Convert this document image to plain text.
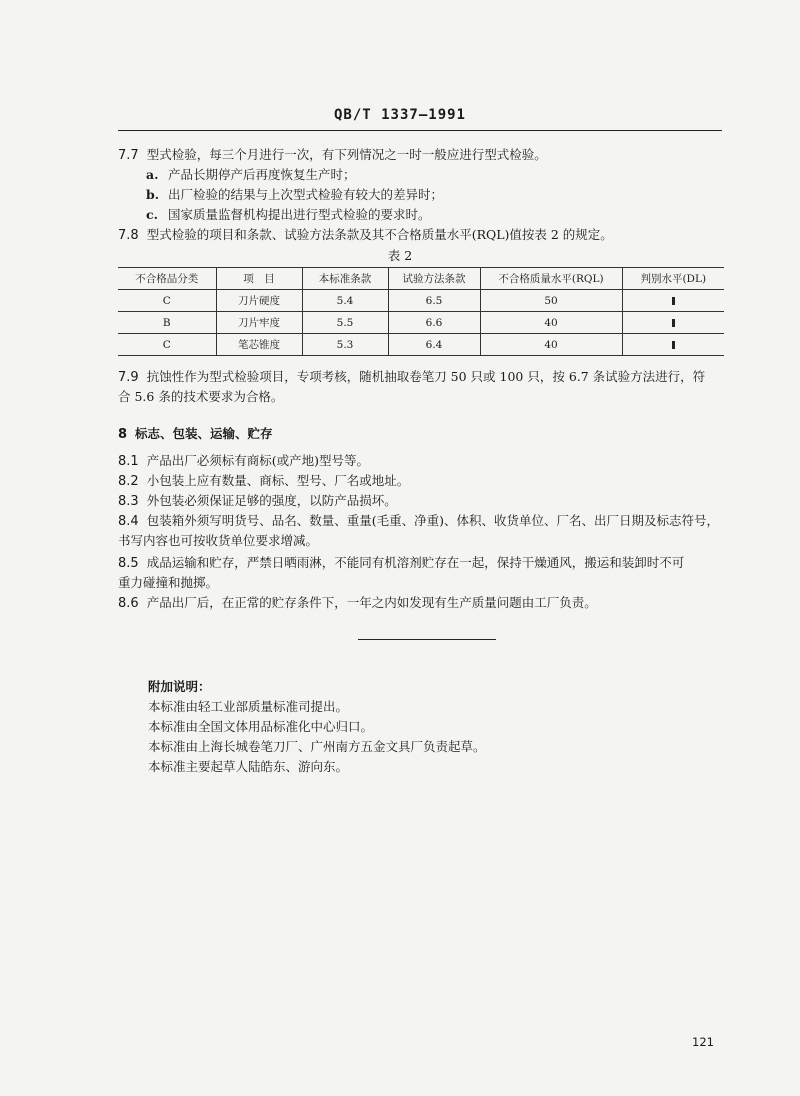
QB/T 1337—1991
7.7 型式检验，每三个月进行一次，有下列情况之一时一般应进行型式检验。
a. 产品长期停产后再度恢复生产时；
b. 出厂检验的结果与上次型式检验有较大的差异时；
c. 国家质量监督机构提出进行型式检验的要求时。
7.8 型式检验的项目和条款、试验方法条款及其不合格质量水平(RQL)值按表 2 的规定。
表 2
不合格品分类	项　目	本标准条款	试验方法条款	不合格质量水平(RQL)	判别水平(DL)
C	刀片硬度	5.4	6.5	50	
B	刀片牢度	5.5	6.6	40	
C	笔芯锥度	5.3	6.4	40	
7.9 抗蚀性作为型式检验项目，专项考核，随机抽取卷笔刀 50 只或 100 只，按 6.7 条试验方法进行，符
合 5.6 条的技术要求为合格。
8 标志、包装、运输、贮存
8.1 产品出厂必须标有商标(或产地)型号等。
8.2 小包装上应有数量、商标、型号、厂名或地址。
8.3 外包装必须保证足够的强度，以防产品损坏。
8.4 包装箱外须写明货号、品名、数量、重量(毛重、净重)、体积、收货单位、厂名、出厂日期及标志符号，
书写内容也可按收货单位要求增减。
8.5 成品运输和贮存，严禁日晒雨淋，不能同有机溶剂贮存在一起，保持干燥通风，搬运和装卸时不可
重力碰撞和抛掷。
8.6 产品出厂后，在正常的贮存条件下，一年之内如发现有生产质量问题由工厂负责。
附加说明：
本标准由轻工业部质量标准司提出。
本标准由全国文体用品标准化中心归口。
本标准由上海长城卷笔刀厂、广州南方五金文具厂负责起草。
本标准主要起草人陆皓东、游向东。
121
